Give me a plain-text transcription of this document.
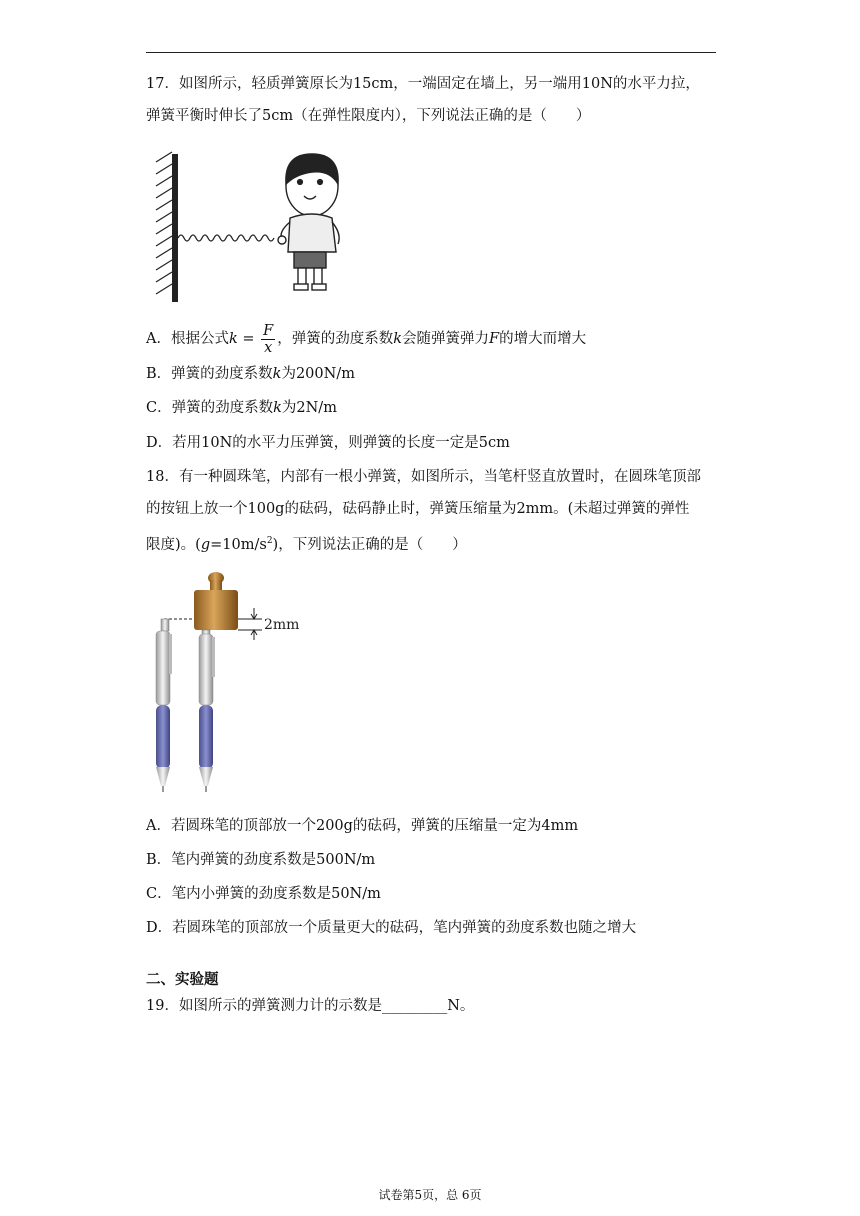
17．如图所示，轻质弹簧原长为15cm，一端固定在墙上，另一端用10N的水平力拉，
弹簧平衡时伸长了5cm（在弹性限度内），下列说法正确的是（　　）
A．根据公式$k = \frac{F}{x}$ ，弹簧的劲度系数k会随弹簧弹力F的增大而增大
B．弹簧的劲度系数k为200N/m
C．弹簧的劲度系数k为2N/m
D．若用10N的水平力压弹簧，则弹簧的长度一定是5cm
18．有一种圆珠笔，内部有一根小弹簧，如图所示，当笔杆竖直放置时，在圆珠笔顶部
的按钮上放一个100g的砝码，砝码静止时，弹簧压缩量为2mm。(未超过弹簧的弹性
限度)。$(g=10m/s^2)$，下列说法正确的是（　　）
2mm
A．若圆珠笔的顶部放一个200g的砝码，弹簧的压缩量一定为4mm
B．笔内弹簧的劲度系数是500N/m
C．笔内小弹簧的劲度系数是50N/m
D．若圆珠笔的顶部放一个质量更大的砝码，笔内弹簧的劲度系数也随之增大
二、实验题
19．如图所示的弹簧测力计的示数是_________N。
试卷第5页，总 6页
